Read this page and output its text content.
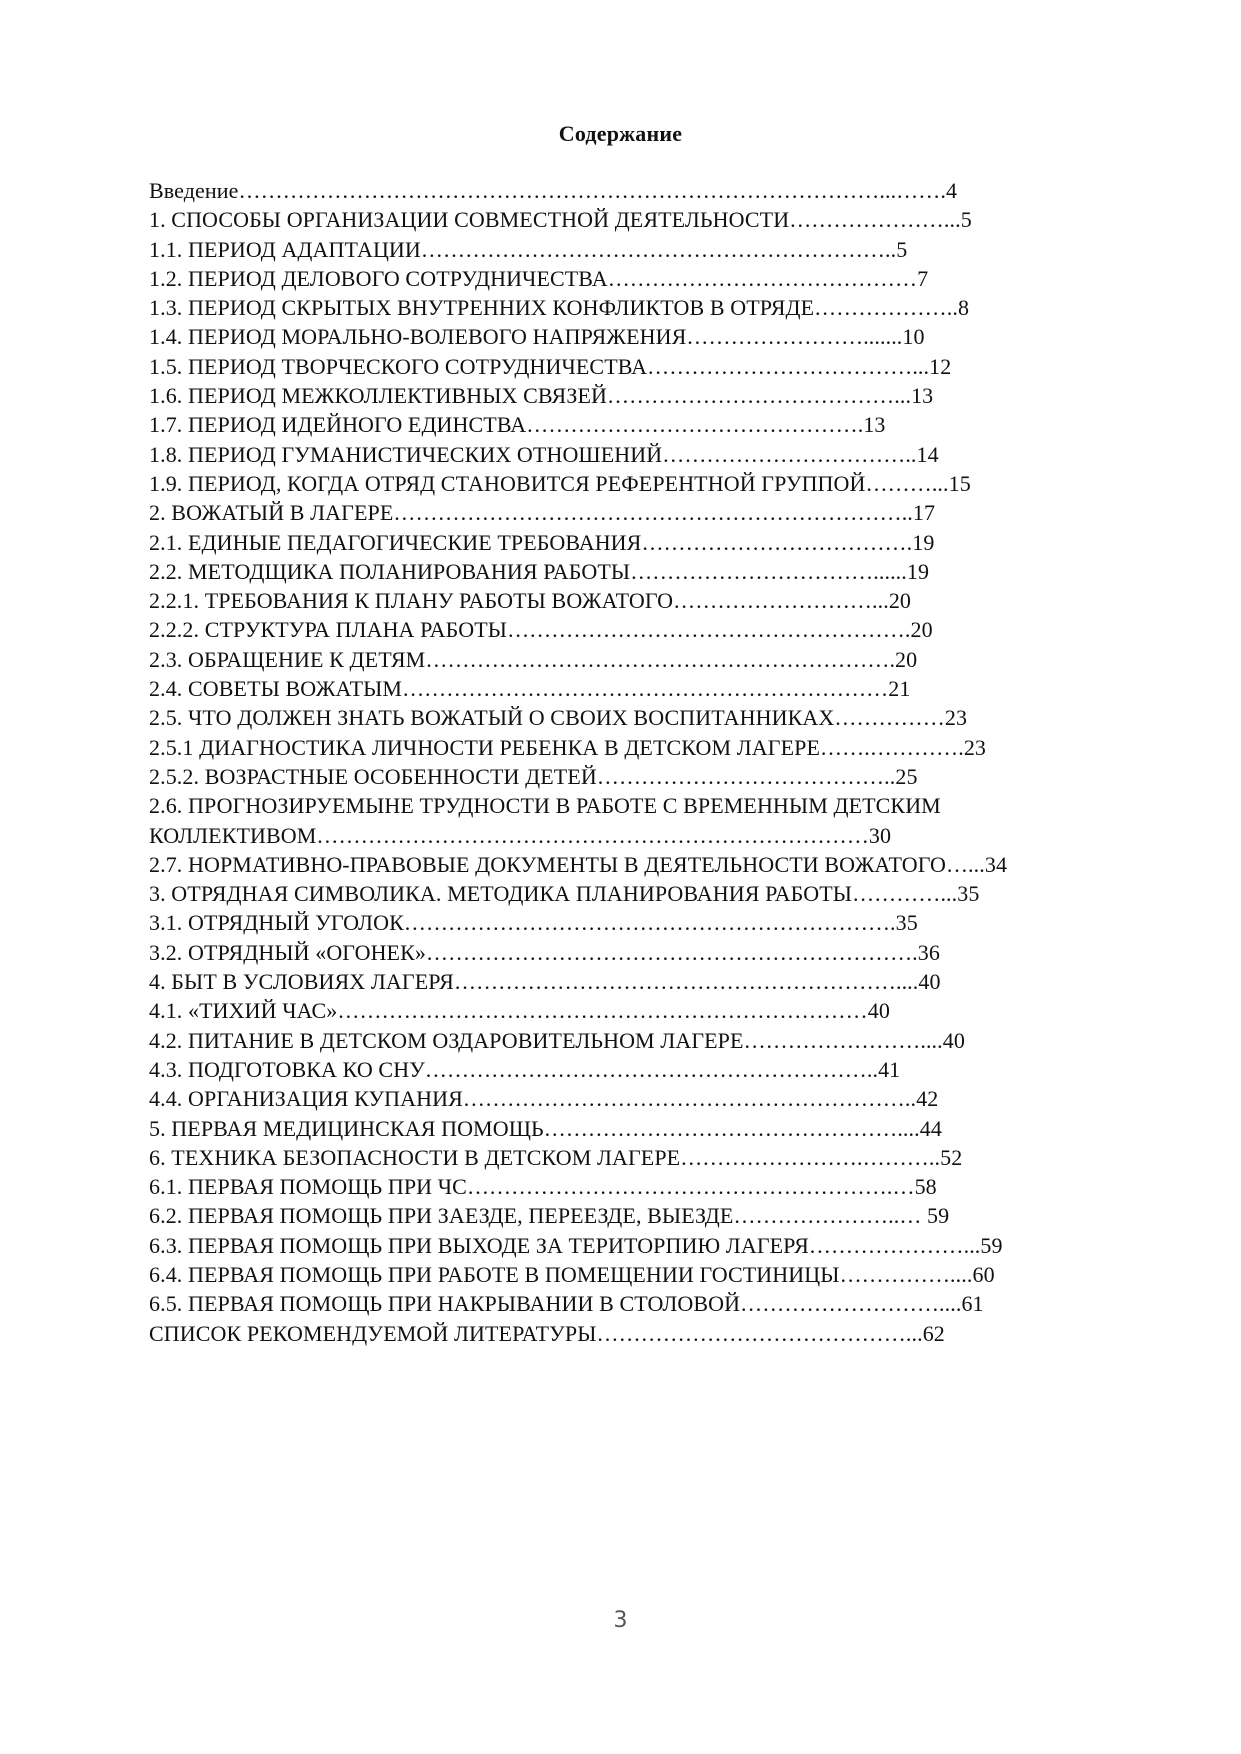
Содержание
Введение……………………………………………………………………………...…….4
1. СПОСОБЫ ОРГАНИЗАЦИИ СОВМЕСТНОЙ ДЕЯТЕЛЬНОСТИ…………………...5
1.1. ПЕРИОД АДАПТАЦИИ………………………………………………………..5
1.2. ПЕРИОД ДЕЛОВОГО СОТРУДНИЧЕСТВА……………………………………7
1.3. ПЕРИОД СКРЫТЫХ ВНУТРЕННИХ КОНФЛИКТОВ В ОТРЯДЕ………………..8
1.4. ПЕРИОД МОРАЛЬНО-ВОЛЕВОГО НАПРЯЖЕНИЯ…………………….......10
1.5. ПЕРИОД ТВОРЧЕСКОГО СОТРУДНИЧЕСТВА………………………………...12
1.6. ПЕРИОД МЕЖКОЛЛЕКТИВНЫХ СВЯЗЕЙ…………………………………...13
1.7. ПЕРИОД ИДЕЙНОГО ЕДИНСТВА……………………………………….13
1.8. ПЕРИОД ГУМАНИСТИЧЕСКИХ ОТНОШЕНИЙ……………………………..14
1.9. ПЕРИОД, КОГДА ОТРЯД СТАНОВИТСЯ РЕФЕРЕНТНОЙ ГРУППОЙ………...15
2. ВОЖАТЫЙ В ЛАГЕРЕ……………………………………………………………..17
2.1. ЕДИНЫЕ ПЕДАГОГИЧЕСКИЕ ТРЕБОВАНИЯ……………………………….19
2.2. МЕТОДЩИКА ПОЛАНИРОВАНИЯ РАБОТЫ……………………………......19
2.2.1. ТРЕБОВАНИЯ К ПЛАНУ РАБОТЫ ВОЖАТОГО………………………...20
2.2.2. СТРУКТУРА ПЛАНА РАБОТЫ……………………………………………….20
2.3. ОБРАЩЕНИЕ К ДЕТЯМ……………………………………………………….20
2.4. СОВЕТЫ ВОЖАТЫМ…………………………………………………………21
2.5. ЧТО ДОЛЖЕН ЗНАТЬ ВОЖАТЫЙ О СВОИХ ВОСПИТАННИКАХ……………23
2.5.1 ДИАГНОСТИКА ЛИЧНОСТИ РЕБЕНКА В ДЕТСКОМ ЛАГЕРЕ…….………….23
2.5.2. ВОЗРАСТНЫЕ ОСОБЕННОСТИ ДЕТЕЙ…………………………………..25
2.6. ПРОГНОЗИРУЕМЫНЕ ТРУДНОСТИ В РАБОТЕ С ВРЕМЕННЫМ ДЕТСКИМ
КОЛЛЕКТИВОМ…………………………………………………………………30
2.7. НОРМАТИВНО-ПРАВОВЫЕ ДОКУМЕНТЫ В ДЕЯТЕЛЬНОСТИ ВОЖАТОГО…...34
3. ОТРЯДНАЯ СИМВОЛИКА. МЕТОДИКА ПЛАНИРОВАНИЯ РАБОТЫ…………...35
3.1. ОТРЯДНЫЙ УГОЛОК………………………………………………………….35
3.2. ОТРЯДНЫЙ «ОГОНЕК»………………………………………………………….36
4. БЫТ В УСЛОВИЯХ ЛАГЕРЯ……………………………………………………....40
4.1. «ТИХИЙ ЧАС»………………………………………………………………40
4.2. ПИТАНИЕ В ДЕТСКОМ ОЗДАРОВИТЕЛЬНОМ ЛАГЕРЕ……………………....40
4.3. ПОДГОТОВКА КО СНУ……………………………………………………..41
4.4. ОРГАНИЗАЦИЯ КУПАНИЯ……………………………………………………..42
5. ПЕРВАЯ МЕДИЦИНСКАЯ ПОМОЩЬ…………………………………………....44
6. ТЕХНИКА БЕЗОПАСНОСТИ В ДЕТСКОМ ЛАГЕРЕ…………………….………..52
6.1. ПЕРВАЯ ПОМОЩЬ ПРИ ЧС………………………………………………….…58
6.2. ПЕРВАЯ ПОМОЩЬ ПРИ ЗАЕЗДЕ, ПЕРЕЕЗДЕ, ВЫЕЗДЕ…………………..… 59
6.3. ПЕРВАЯ ПОМОЩЬ ПРИ ВЫХОДЕ ЗА ТЕРИТОРПИЮ ЛАГЕРЯ…………………...59
6.4. ПЕРВАЯ ПОМОЩЬ ПРИ РАБОТЕ В ПОМЕЩЕНИИ ГОСТИНИЦЫ……………....60
6.5. ПЕРВАЯ ПОМОЩЬ ПРИ НАКРЫВАНИИ В СТОЛОВОЙ………………………....61
СПИСОК РЕКОМЕНДУЕМОЙ ЛИТЕРАТУРЫ……………………………………...62
3
